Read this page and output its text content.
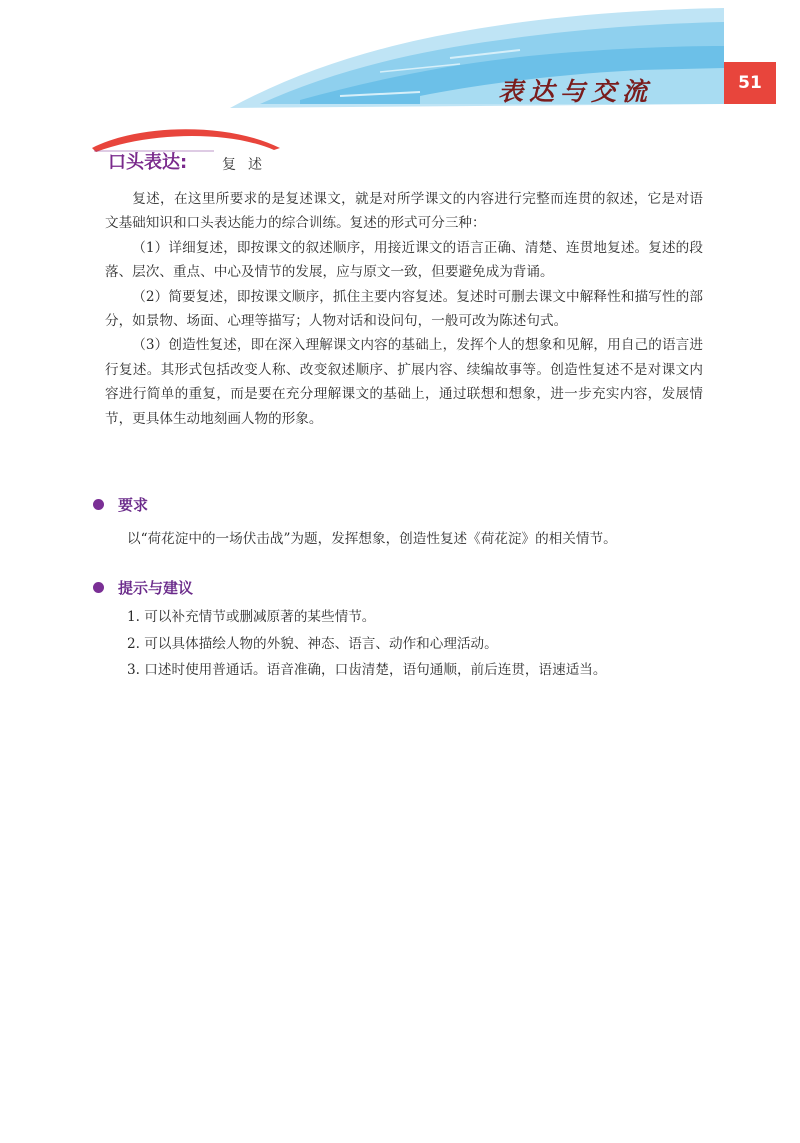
表达与交流	51
口头表达: 复述

复述，在这里所要求的是复述课文，就是对所学课文的内容进行完整而连贯的叙述，它是对语文基础知识和口头表达能力的综合训练。复述的形式可分三种：

（1）详细复述，即按课文的叙述顺序，用接近课文的语言正确、清楚、连贯地复述。复述的段落、层次、重点、中心及情节的发展，应与原文一致，但要避免成为背诵。

（2）简要复述，即按课文顺序，抓住主要内容复述。复述时可删去课文中解释性和描写性的部分，如景物、场面、心理等描写；人物对话和设问句，一般可改为陈述句式。

（3）创造性复述，即在深入理解课文内容的基础上，发挥个人的想象和见解，用自己的语言进行复述。其形式包括改变人称、改变叙述顺序、扩展内容、续编故事等。创造性复述不是对课文内容进行简单的重复，而是要在充分理解课文的基础上，通过联想和想象，进一步充实内容，发展情节，更具体生动地刻画人物的形象。

要求
以“荷花淀中的一场伏击战”为题，发挥想象，创造性复述《荷花淀》的相关情节。
提示与建议
1. 可以补充情节或删减原著的某些情节。
2. 可以具体描绘人物的外貌、神态、语言、动作和心理活动。
3. 口述时使用普通话。语音准确，口齿清楚，语句通顺，前后连贯，语速适当。
